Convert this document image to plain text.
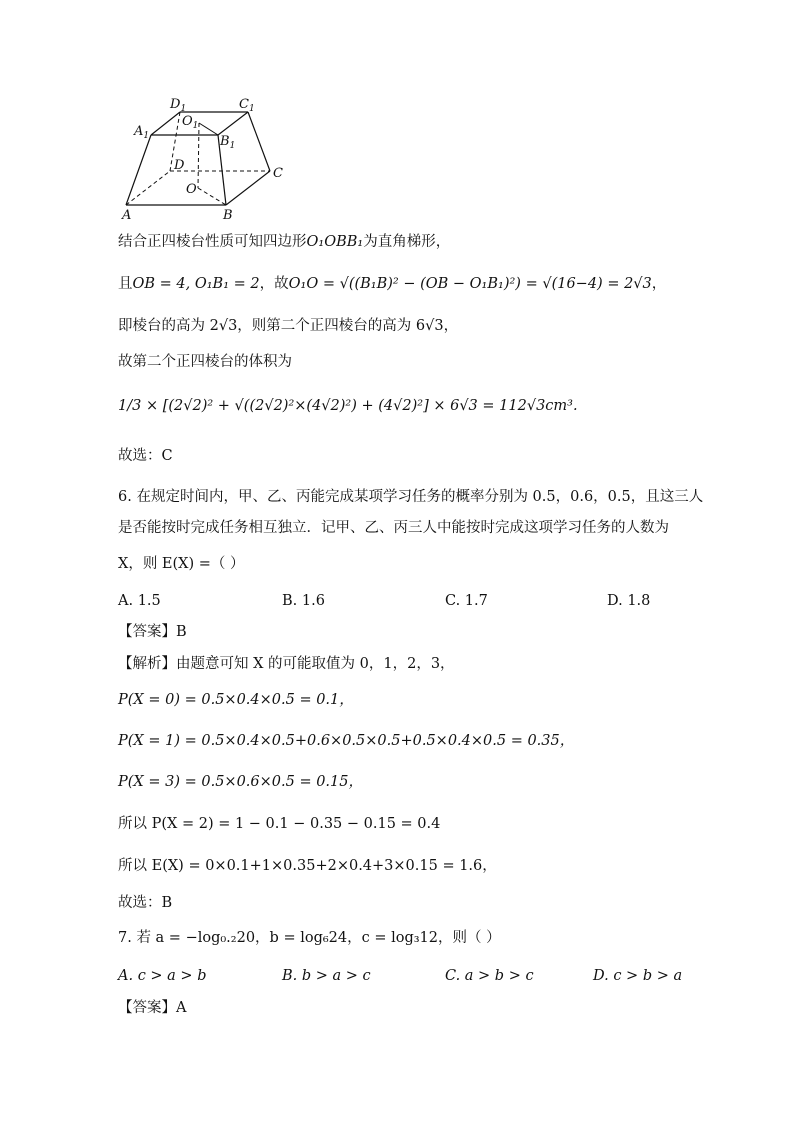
$D_1$	$C_1$
$A_1$
$O_1$
$B_1$
D
C
O
A	B
结合正四棱台性质可知四边形O₁OBB₁为直角梯形，
且OB = 4, O₁B₁ = 2，故O₁O = √((B₁B)² − (OB − O₁B₁)²) = √(16−4) = 2√3，
即棱台的高为 2√3，则第二个正四棱台的高为 6√3，
故第二个正四棱台的体积为
1/3 × [(2√2)² + √((2√2)²×(4√2)²) + (4√2)²] × 6√3 = 112√3cm³.
故选：C
6. 在规定时间内，甲、乙、丙能完成某项学习任务的概率分别为 0.5，0.6，0.5，且这三人
是否能按时完成任务相互独立．记甲、乙、丙三人中能按时完成这项学习任务的人数为
X，则 E(X) =（ ）
A. 1.5	B. 1.6	C. 1.7	D. 1.8
【答案】B
【解析】由题意可知 X 的可能取值为 0，1，2，3，
P(X = 0) = 0.5×0.4×0.5 = 0.1，
P(X = 1) = 0.5×0.4×0.5+0.6×0.5×0.5+0.5×0.4×0.5 = 0.35，
P(X = 3) = 0.5×0.6×0.5 = 0.15，
所以 P(X = 2) = 1 − 0.1 − 0.35 − 0.15 = 0.4
所以 E(X) = 0×0.1+1×0.35+2×0.4+3×0.15 = 1.6，
故选：B
7. 若 a = −log₀.₂20，b = log₆24，c = log₃12，则（ ）
A. c > a > b	B. b > a > c	C. a > b > c	D. c > b > a
【答案】A
